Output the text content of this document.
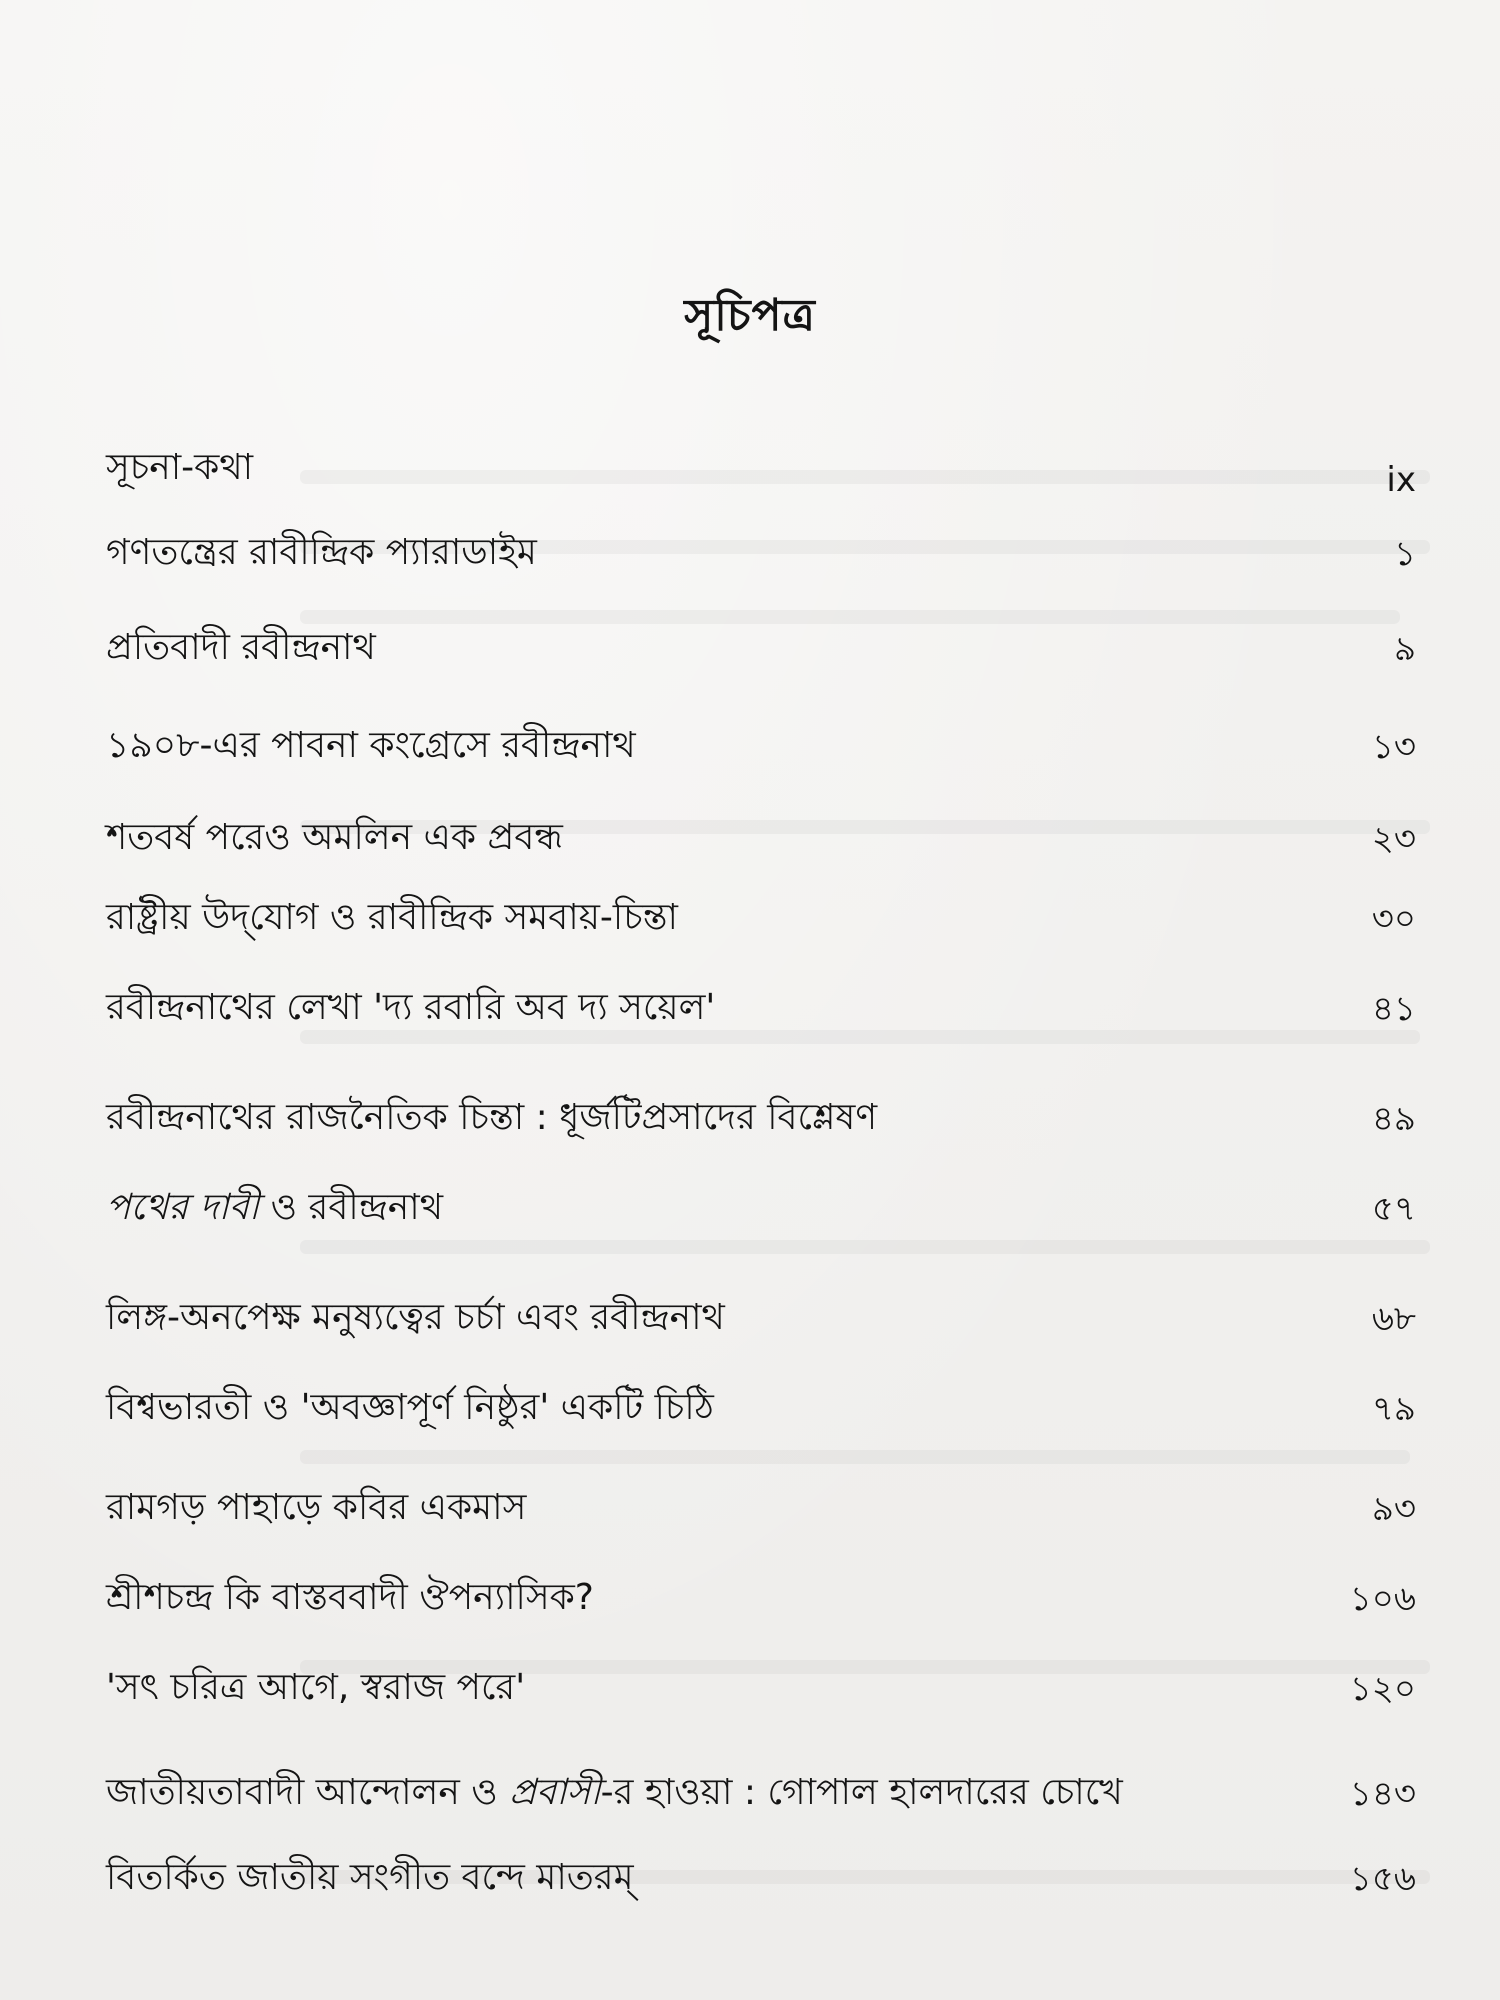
সূচিপত্র
সূচনা-কথা	ix
গণতন্ত্রের রাবীন্দ্রিক প্যারাডাইম	১
প্রতিবাদী রবীন্দ্রনাথ	৯
১৯০৮-এর পাবনা কংগ্রেসে রবীন্দ্রনাথ	১৩
শতবর্ষ পরেও অমলিন এক প্রবন্ধ	২৩
রাষ্ট্রীয় উদ্‌যোগ ও রাবীন্দ্রিক সমবায়-চিন্তা	৩০
রবীন্দ্রনাথের লেখা 'দ্য রবারি অব দ্য সয়েল'	৪১
রবীন্দ্রনাথের রাজনৈতিক চিন্তা : ধূর্জটিপ্রসাদের বিশ্লেষণ	৪৯
পথের দাবী ও রবীন্দ্রনাথ	৫৭
লিঙ্গ-অনপেক্ষ মনুষ্যত্বের চর্চা এবং রবীন্দ্রনাথ	৬৮
বিশ্বভারতী ও 'অবজ্ঞাপূর্ণ নিষ্ঠুর' একটি চিঠি	৭৯
রামগড় পাহাড়ে কবির একমাস	৯৩
শ্রীশচন্দ্র কি বাস্তববাদী ঔপন্যাসিক?	১০৬
'সৎ চরিত্র আগে, স্বরাজ পরে'	১২০
জাতীয়তাবাদী আন্দোলন ও প্রবাসী-র হাওয়া : গোপাল হালদারের চোখে	১৪৩
বিতর্কিত জাতীয় সংগীত বন্দে মাতরম্	১৫৬
